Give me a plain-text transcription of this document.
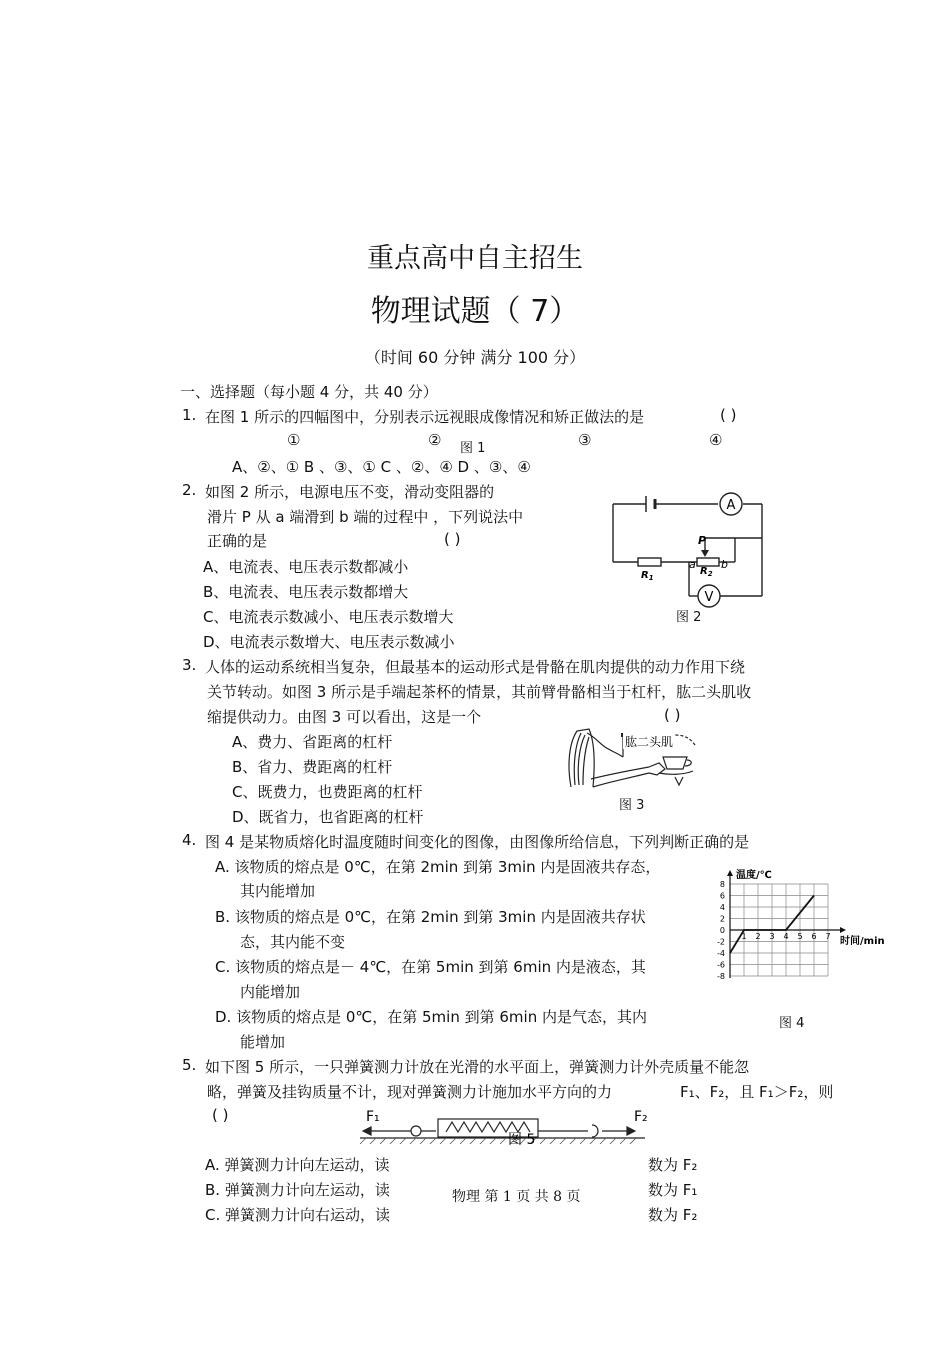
重点高中自主招生
物理试题（ 7）
（时间 60 分钟 满分 100 分）
一、选择题（每小题 4 分，共 40 分）
1. 在图 1 所示的四幅图中，分别表示远视眼成像情况和矫正做法的是	( )
①	② 图 1	③	④
A、②、① B 、③、① C 、②、④ D 、③、④
2. 如图 2 所示，电源电压不变，滑动变阻器的
滑片 P 从 a 端滑到 b 端的过程中 ，下列说法中
正确的是	( )
A、电流表、电压表示数都减小
B、电流表、电压表示数都增大
C、电流表示数减小、电压表示数增大
D、电流表示数增大、电压表示数减小
A
P
$R_1$
$R_2$
a b
V
图 2
3. 人体的运动系统相当复杂，但最基本的运动形式是骨骼在肌肉提供的动力作用下绕
关节转动。如图 3 所示是手端起茶杯的情景，其前臂骨骼相当于杠杆，肱二头肌收
缩提供动力。由图 3 可以看出，这是一个	( )
A、费力、省距离的杠杆
B、省力、费距离的杠杆
C、既费力，也费距离的杠杆
D、既省力，也省距离的杠杆
肱二头肌
图 3
4. 图 4 是某物质熔化时温度随时间变化的图像，由图像所给信息，下列判断正确的是
A. 该物质的熔点是 0℃，在第 2min 到第 3min 内是固液共存态，
其内能增加
B. 该物质的熔点是 0℃，在第 2min 到第 3min 内是固液共存状
态，其内能不变
C. 该物质的熔点是－ 4℃，在第 5min 到第 6min 内是液态，其
内能增加
D. 该物质的熔点是 0℃，在第 5min 到第 6min 内是气态，其内
能增加
8
6
4
2
0
-2
-4
-6
-8
1 2 3 4 5 6 7
温度/℃
时间/min
图 4
5. 如下图 5 所示，一只弹簧测力计放在光滑的水平面上，弹簧测力计外壳质量不能忽
略，弹簧及挂钩质量不计，现对弹簧测力计施加水平方向的力	F₁、F₂，且 F₁＞F₂，则
( )	F₁	F₂
图 5
A. 弹簧测力计向左运动，读	数为 F₂
B. 弹簧测力计向左运动，读	数为 F₁
C. 弹簧测力计向右运动，读	数为 F₂
物理 第 1 页 共 8 页
